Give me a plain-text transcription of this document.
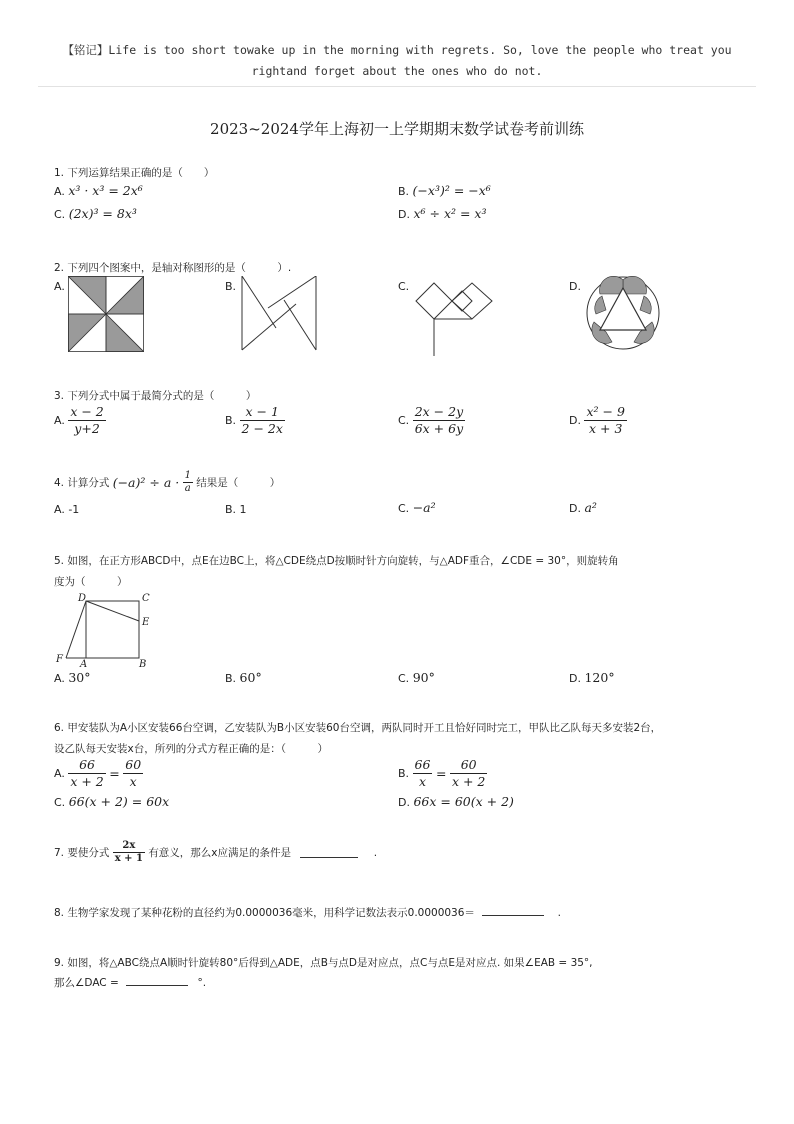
【铭记】Life is too short towake up in the morning with regrets. So, love the people who treat you
rightand forget about the ones who do not.
2023~2024学年上海初一上学期期末数学试卷考前训练
1. 下列运算结果正确的是（　　）
A. x³ · x³ = 2x⁶	B. (−x³)² = −x⁶
C. (2x)³ = 8x³	D. x⁶ ÷ x² = x³
2. 下列四个图案中，是轴对称图形的是（　　　）.
A.	B.	C.	D.
3. 下列分式中属于最简分式的是（　　　）
A. $\frac{x - 2}{y+2}$	B. $\frac{x - 1}{2 - 2x}$	C. $\frac{2x - 2y}{6x + 6y}$	D. $\frac{\text{x² − 9}}{x + 3}$
4. 计算分式 $(-a)^2 \div a \cdot \frac{1}{a}$ 结果是（　　　）
A. -1	B. 1	C. −a²	D. a²
5. 如图，在正方形ABCD中，点E在边BC上，将△CDE绕点D按顺时针方向旋转，与△ADF重合，∠CDE = 30°，则旋转角
度为（　　　）
D	C
E
F A	B
A. 30°	B. 60°	C. 90°	D. 120°
6. 甲安装队为A小区安装66台空调，乙安装队为B小区安装60台空调，两队同时开工且恰好同时完工，甲队比乙队每天多安装2台，
设乙队每天安装x台，所列的分式方程正确的是：（　　　）
A. $\frac{66}{x + 2} = \frac{60}{x}$	B. $\frac{66}{x} = \frac{60}{x + 2}$
C. 66(x + 2) = 60x	D. 66x = 60(x + 2)
7. 要使分式 $\frac{2x}{x + 1}$ 有意义，那么x应满足的条件是	.
8. 生物学家发现了某种花粉的直径约为0.0000036毫米，用科学记数法表示0.0000036＝	.
9. 如图，将△ABC绕点A顺时针旋转80°后得到△ADE，点B与点D是对应点，点C与点E是对应点. 如果∠EAB = 35°,
那么∠DAC =	°.
